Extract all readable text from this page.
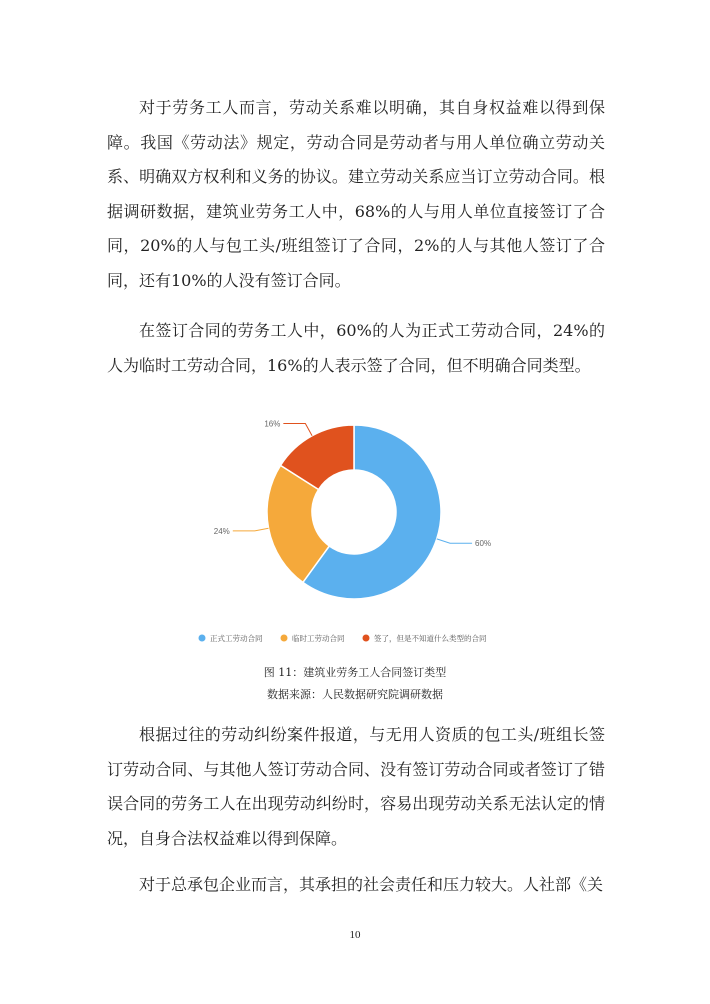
对于劳务工人而言，劳动关系难以明确，其自身权益难以得到保障。我国《劳动法》规定，劳动合同是劳动者与用人单位确立劳动关系、明确双方权利和义务的协议。建立劳动关系应当订立劳动合同。根据调研数据，建筑业劳务工人中，68%的人与用人单位直接签订了合同，20%的人与包工头/班组签订了合同，2%的人与其他人签订了合同，还有10%的人没有签订合同。

在签订合同的劳务工人中，60%的人为正式工劳动合同，24%的人为临时工劳动合同，16%的人表示签了合同，但不明确合同类型。

60%
24%
16%
正式工劳动合同	临时工劳动合同	签了，但是不知道什么类型的合同
图 11：建筑业劳务工人合同签订类型
数据来源：人民数据研究院调研数据

根据过往的劳动纠纷案件报道，与无用人资质的包工头/班组长签订劳动合同、与其他人签订劳动合同、没有签订劳动合同或者签订了错误合同的劳务工人在出现劳动纠纷时，容易出现劳动关系无法认定的情况，自身合法权益难以得到保障。

对于总承包企业而言，其承担的社会责任和压力较大。人社部《关

10
